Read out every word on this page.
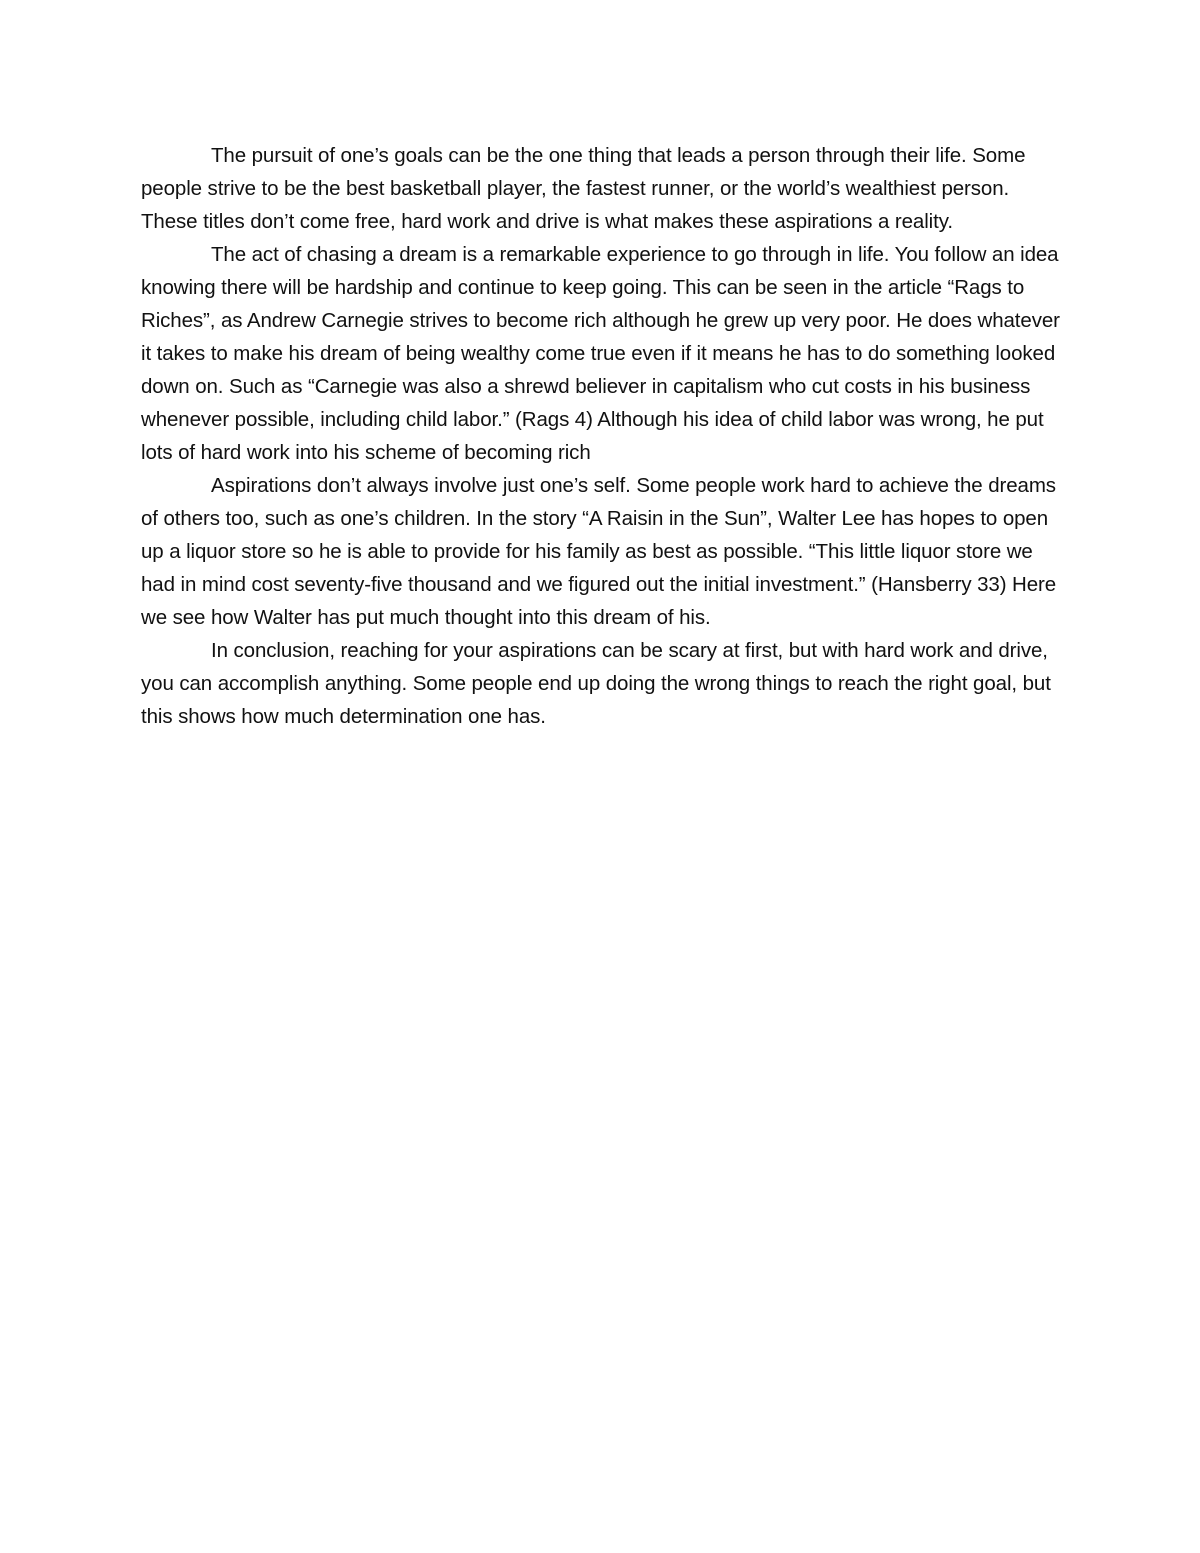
The pursuit of one’s goals can be the one thing that leads a person through their life. Some people strive to be the best basketball player, the fastest runner, or the world’s wealthiest person. These titles don’t come free, hard work and drive is what makes these aspirations a reality.

The act of chasing a dream is a remarkable experience to go through in life. You follow an idea knowing there will be hardship and continue to keep going. This can be seen in the article “Rags to Riches”, as Andrew Carnegie strives to become rich although he grew up very poor. He does whatever it takes to make his dream of being wealthy come true even if it means he has to do something looked down on. Such as “Carnegie was also a shrewd believer in capitalism who cut costs in his business whenever possible, including child labor.” (Rags 4) Although his idea of child labor was wrong, he put lots of hard work into his scheme of becoming rich

Aspirations don’t always involve just one’s self. Some people work hard to achieve the dreams of others too, such as one’s children. In the story “A Raisin in the Sun”, Walter Lee has hopes to open up a liquor store so he is able to provide for his family as best as possible. “This little liquor store we had in mind cost seventy-five thousand and we figured out the initial investment.” (Hansberry 33) Here we see how Walter has put much thought into this dream of his.

In conclusion, reaching for your aspirations can be scary at first, but with hard work and drive, you can accomplish anything. Some people end up doing the wrong things to reach the right goal, but this shows how much determination one has.
